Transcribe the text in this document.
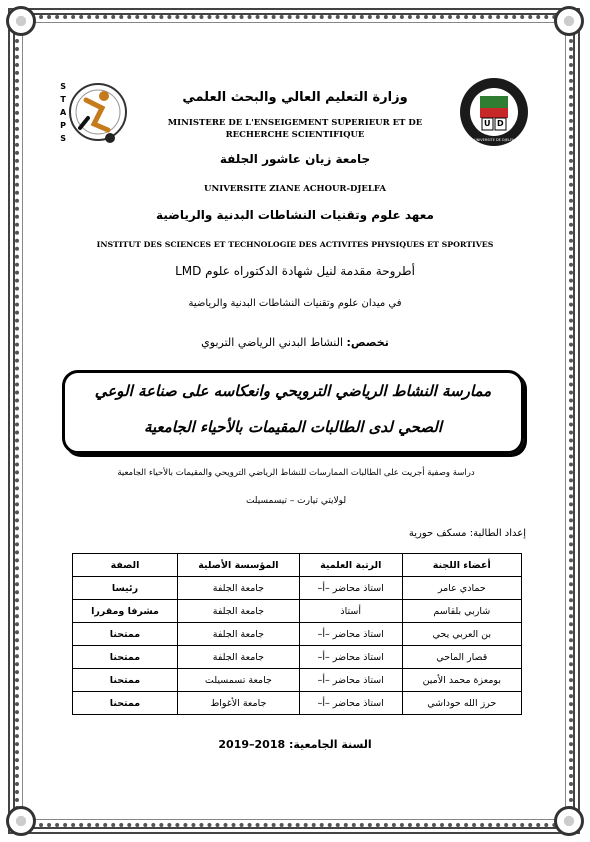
S
T
A
P
S
U D
UNIVERSITE DE DJELFA
وزارة التعليم العالي والبحث العلمي
MINISTERE DE L'ENSEIGEMENT SUPERIEUR ET DE
RECHERCHE SCIENTIFIQUE
جامعة زيان عاشور الجلفة
UNIVERSITE ZIANE ACHOUR-DJELFA
معهد علوم وتقنيات النشاطات البدنية والرياضية
INSTITUT DES SCIENCES ET TECHNOLOGIE DES ACTIVITES PHYSIQUES ET SPORTIVES
أطروحة مقدمة لنيل شهادة الدكتوراه علوم LMD
في ميدان علوم وتقنيات النشاطات البدنية والرياضية
تخصص: النشاط البدني الرياضي التربوي
ممارسة النشاط الرياضي الترويحي وانعكاسه على صناعة الوعي
الصحي لدى الطالبات المقيمات بالأحياء الجامعية
دراسة وصفية أجريت على الطالبات الممارسات للنشاط الرياضي الترويحي والمقيمات بالأحياء الجامعية
لولايتي تيارت – تيسمسيلت
إعداد الطالبة: مسكف حورية
أعضاء اللجنة	الرتبة العلمية	المؤسسة الأصلية	الصفة
حمادي عامر	استاذ محاضر –أ–	جامعة الجلفة	رئيسا
شاربي بلقاسم	أستاذ	جامعة الجلفة	مشرفا ومقررا
بن العربي يحي	استاذ محاضر –أ–	جامعة الجلفة	ممتحنا
قصار الماحي	استاذ محاضر –أ–	جامعة الجلفة	ممتحنا
بومعزة محمد الأمين	استاذ محاضر –أ–	جامعة تسمسيلت	ممتحنا
حرز الله حوداشي	استاذ محاضر –أ–	جامعة الأغواط	ممتحنا
السنة الجامعية: 2018–2019
